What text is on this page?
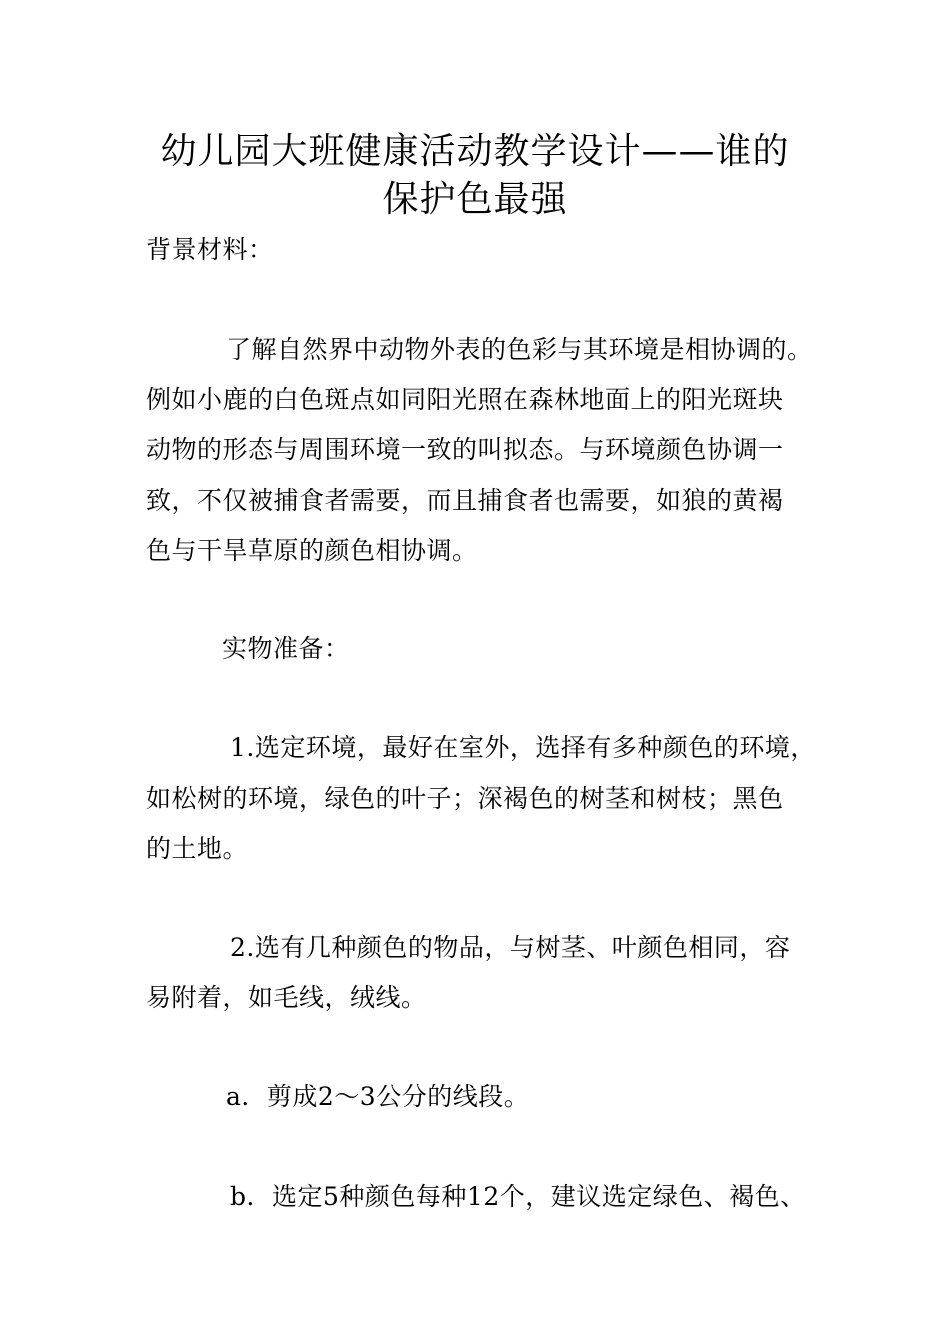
幼儿园大班健康活动教学设计——谁的
保护色最强
背景材料：
了解自然界中动物外表的色彩与其环境是相协调的。
例如小鹿的白色斑点如同阳光照在森林地面上的阳光斑块
动物的形态与周围环境一致的叫拟态。与环境颜色协调一
致，不仅被捕食者需要，而且捕食者也需要，如狼的黄褐
色与干旱草原的颜色相协调。
实物准备：
1.选定环境，最好在室外，选择有多种颜色的环境，
如松树的环境，绿色的叶子；深褐色的树茎和树枝；黑色
的土地。
2.选有几种颜色的物品，与树茎、叶颜色相同，容
易附着，如毛线，绒线。
a．剪成2～3公分的线段。
b．选定5种颜色每种12个，建议选定绿色、褐色、
